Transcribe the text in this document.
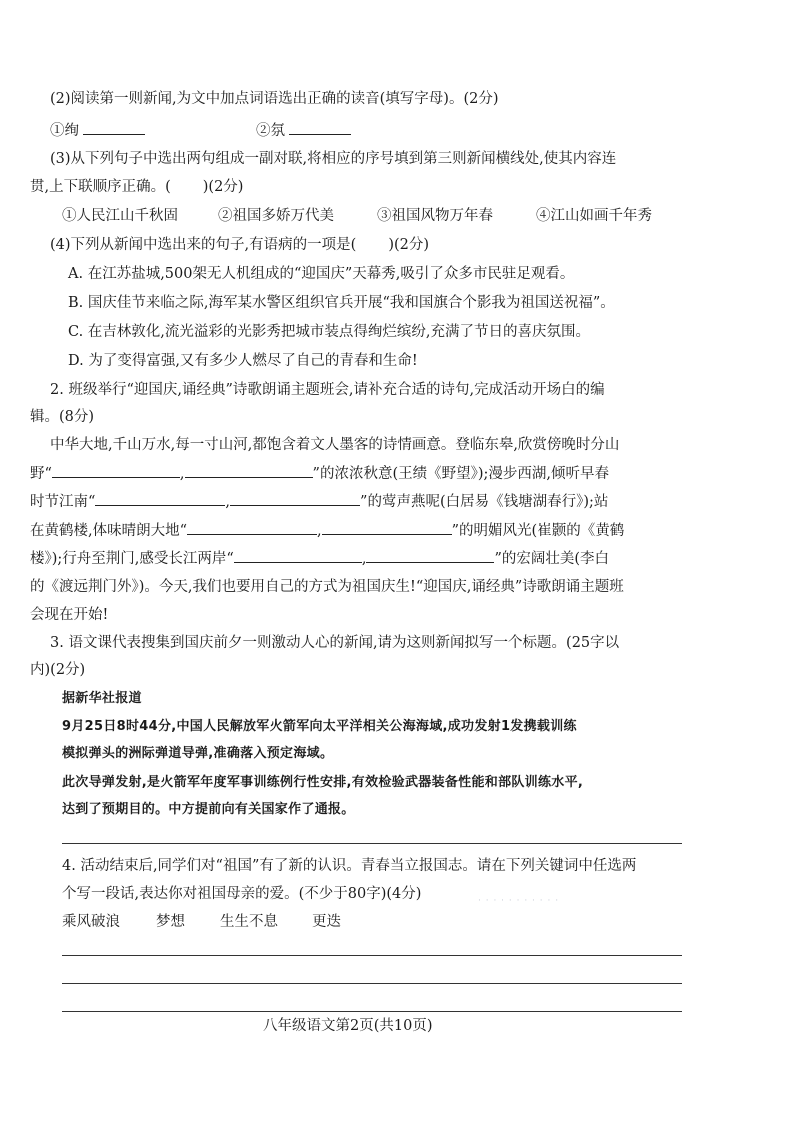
(2)阅读第一则新闻,为文中加点词语选出正确的读音(填写字母)。(2分)
①绚	②氛
(3)从下列句子中选出两句组成一副对联,将相应的序号填到第三则新闻横线处,使其内容连
贯,上下联顺序正确。( )(2分)
①人民江山千秋固	②祖国多娇万代美	③祖国风物万年春	④江山如画千年秀
(4)下列从新闻中选出来的句子,有语病的一项是( )(2分)
A. 在江苏盐城,500架无人机组成的“迎国庆”天幕秀,吸引了众多市民驻足观看。
B. 国庆佳节来临之际,海军某水警区组织官兵开展“我和国旗合个影我为祖国送祝福”。
C. 在吉林敦化,流光溢彩的光影秀把城市装点得绚烂缤纷,充满了节日的喜庆氛围。
D. 为了变得富强,又有多少人燃尽了自己的青春和生命!
2. 班级举行“迎国庆,诵经典”诗歌朗诵主题班会,请补充合适的诗句,完成活动开场白的编
辑。(8分)
中华大地,千山万水,每一寸山河,都饱含着文人墨客的诗情画意。登临东皋,欣赏傍晚时分山
野“	,	”的浓浓秋意(王绩《野望》);漫步西湖,倾听早春
时节江南“	,	”的莺声燕呢(白居易《钱塘湖春行》);站
在黄鹤楼,体味晴朗大地“	,	”的明媚风光(崔颢的《黄鹤
楼》);行舟至荆门,感受长江两岸“	,	”的宏阔壮美(李白
的《渡远荆门外》)。今天,我们也要用自己的方式为祖国庆生!“迎国庆,诵经典”诗歌朗诵主题班
会现在开始!
3. 语文课代表搜集到国庆前夕一则激动人心的新闻,请为这则新闻拟写一个标题。(25字以
内)(2分)
据新华社报道
9月25日8时44分,中国人民解放军火箭军向太平洋相关公海海域,成功发射1发携载训练
模拟弹头的洲际弹道导弹,准确落入预定海域。
此次导弹发射,是火箭军年度军事训练例行性安排,有效检验武器装备性能和部队训练水平,
达到了预期目的。中方提前向有关国家作了通报。
4. 活动结束后,同学们对“祖国”有了新的认识。青春当立报国志。请在下列关键词中任选两
个写一段话,表达你对祖国母亲的爱。(不少于80字)(4分)	· · · · · · · · · · ·
乘风破浪 梦想 生生不息 更迭
八年级语文第2页(共10页)
